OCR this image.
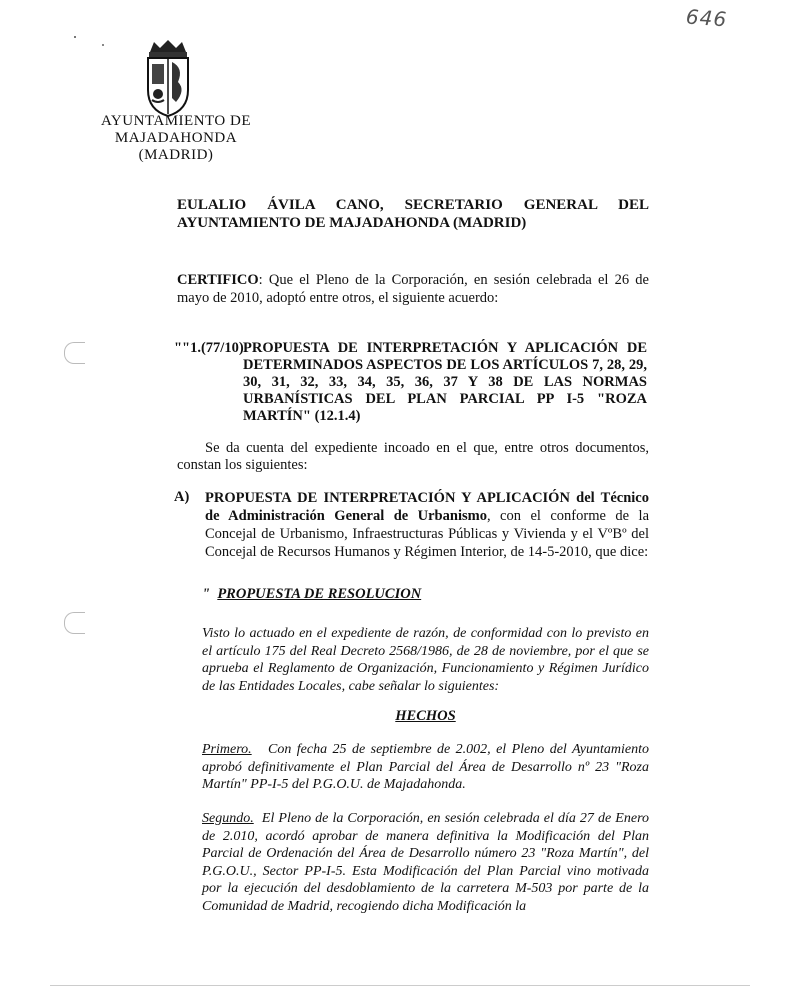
646
AYUNTAMIENTO DE
MAJADAHONDA
(MADRID)
EULALIO ÁVILA CANO, SECRETARIO GENERAL DEL
AYUNTAMIENTO DE MAJADAHONDA (MADRID)
CERTIFICO: Que el Pleno de la Corporación, en sesión celebrada el 26 de mayo de 2010, adoptó entre otros, el siguiente acuerdo:
""1.(77/10) PROPUESTA DE INTERPRETACIÓN Y APLICACIÓN DE DETERMINADOS ASPECTOS DE LOS ARTÍCULOS 7, 28, 29, 30, 31, 32, 33, 34, 35, 36, 37 Y 38 DE LAS NORMAS URBANÍSTICAS DEL PLAN PARCIAL PP I-5 "ROZA MARTÍN" (12.1.4)
Se da cuenta del expediente incoado en el que, entre otros documentos, constan los siguientes:
A) PROPUESTA DE INTERPRETACIÓN Y APLICACIÓN del Técnico de Administración General de Urbanismo, con el conforme de la Concejal de Urbanismo, Infraestructuras Públicas y Vivienda y el VºBº del Concejal de Recursos Humanos y Régimen Interior, de 14-5-2010, que dice:
" PROPUESTA DE RESOLUCION
Visto lo actuado en el expediente de razón, de conformidad con lo previsto en el artículo 175 del Real Decreto 2568/1986, de 28 de noviembre, por el que se aprueba el Reglamento de Organización, Funcionamiento y Régimen Jurídico de las Entidades Locales, cabe señalar lo siguientes:
HECHOS
Primero. Con fecha 25 de septiembre de 2.002, el Pleno del Ayuntamiento aprobó definitivamente el Plan Parcial del Área de Desarrollo nº 23 "Roza Martín" PP-I-5 del P.G.O.U. de Majadahonda.
Segundo. El Pleno de la Corporación, en sesión celebrada el día 27 de Enero de 2.010, acordó aprobar de manera definitiva la Modificación del Plan Parcial de Ordenación del Área de Desarrollo número 23 "Roza Martín", del P.G.O.U., Sector PP-I-5. Esta Modificación del Plan Parcial vino motivada por la ejecución del desdoblamiento de la carretera M-503 por parte de la Comunidad de Madrid, recogiendo dicha Modificación la
